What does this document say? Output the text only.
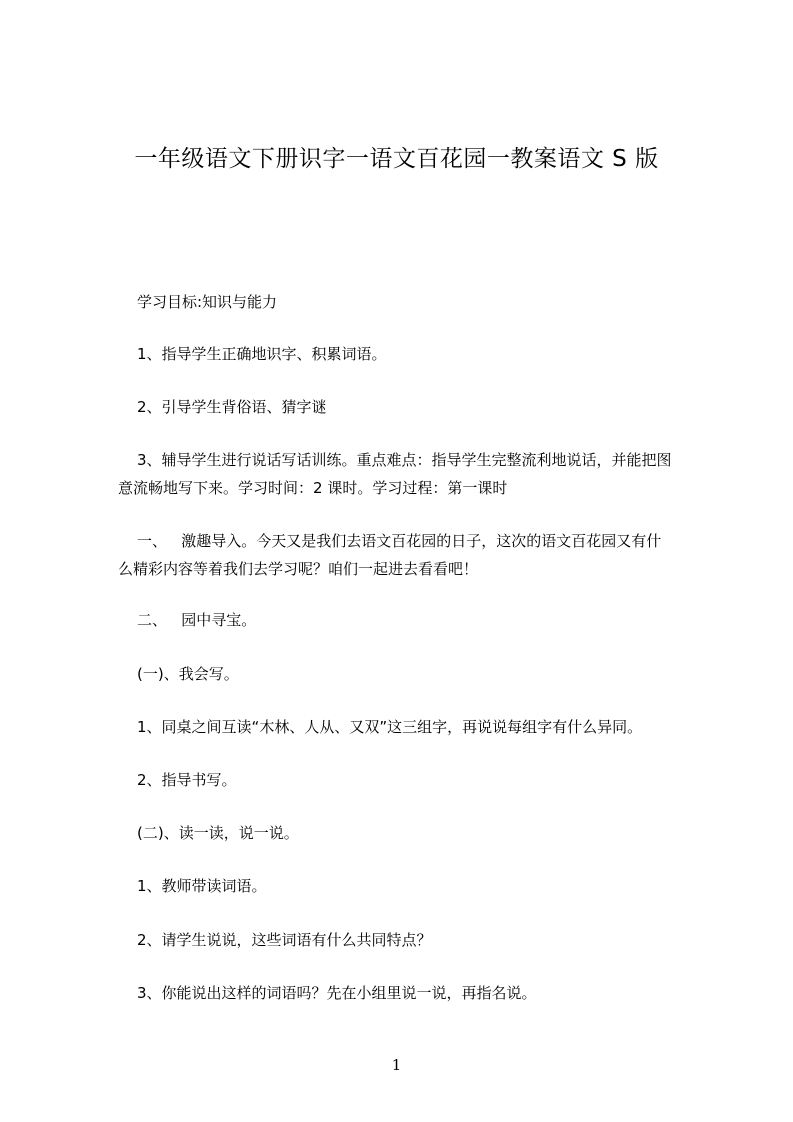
一年级语文下册识字一语文百花园一教案语文 S 版
学习目标:知识与能力
1、指导学生正确地识字、积累词语。
2、引导学生背俗语、猜字谜
3、辅导学生进行说话写话训练。重点难点：指导学生完整流利地说话，并能把图
意流畅地写下来。学习时间：2 课时。学习过程：第一课时
一、   激趣导入。今天又是我们去语文百花园的日子，这次的语文百花园又有什
么精彩内容等着我们去学习呢？咱们一起进去看看吧！
二、   园中寻宝。
(一)、我会写。
1、同桌之间互读“木林、人从、又双”这三组字，再说说每组字有什么异同。
2、指导书写。
(二)、读一读，说一说。
1、教师带读词语。
2、请学生说说，这些词语有什么共同特点？
3、你能说出这样的词语吗？先在小组里说一说，再指名说。
1
